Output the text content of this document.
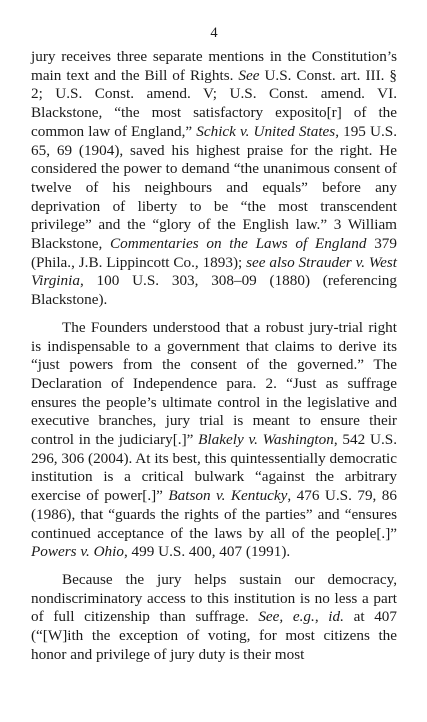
4

jury receives three separate mentions in the Constitution’s main text and the Bill of Rights. See U.S. Const. art. III. § 2; U.S. Const. amend. V; U.S. Const. amend. VI. Blackstone, “the most satisfactory exposito[r] of the common law of England,” Schick v. United States, 195 U.S. 65, 69 (1904), saved his highest praise for the right. He considered the power to demand “the unanimous consent of twelve of his neighbours and equals” before any deprivation of liberty to be “the most transcendent privilege” and the “glory of the English law.” 3 William Blackstone, Commentaries on the Laws of England 379 (Phila., J.B. Lippincott Co., 1893); see also Strauder v. West Virginia, 100 U.S. 303, 308–09 (1880) (referencing Blackstone).

The Founders understood that a robust jury-trial right is indispensable to a government that claims to derive its “just powers from the consent of the governed.” The Declaration of Independence para. 2. “Just as suffrage ensures the people’s ultimate control in the legislative and executive branches, jury trial is meant to ensure their control in the judiciary[.]” Blakely v. Washington, 542 U.S. 296, 306 (2004). At its best, this quintessentially democratic institution is a critical bulwark “against the arbitrary exercise of power[.]” Batson v. Kentucky, 476 U.S. 79, 86 (1986), that “guards the rights of the parties” and “ensures continued acceptance of the laws by all of the people[.]” Powers v. Ohio, 499 U.S. 400, 407 (1991).

Because the jury helps sustain our democracy, nondiscriminatory access to this institution is no less a part of full citizenship than suffrage. See, e.g., id. at 407 (“[W]ith the exception of voting, for most citizens the honor and privilege of jury duty is their most
